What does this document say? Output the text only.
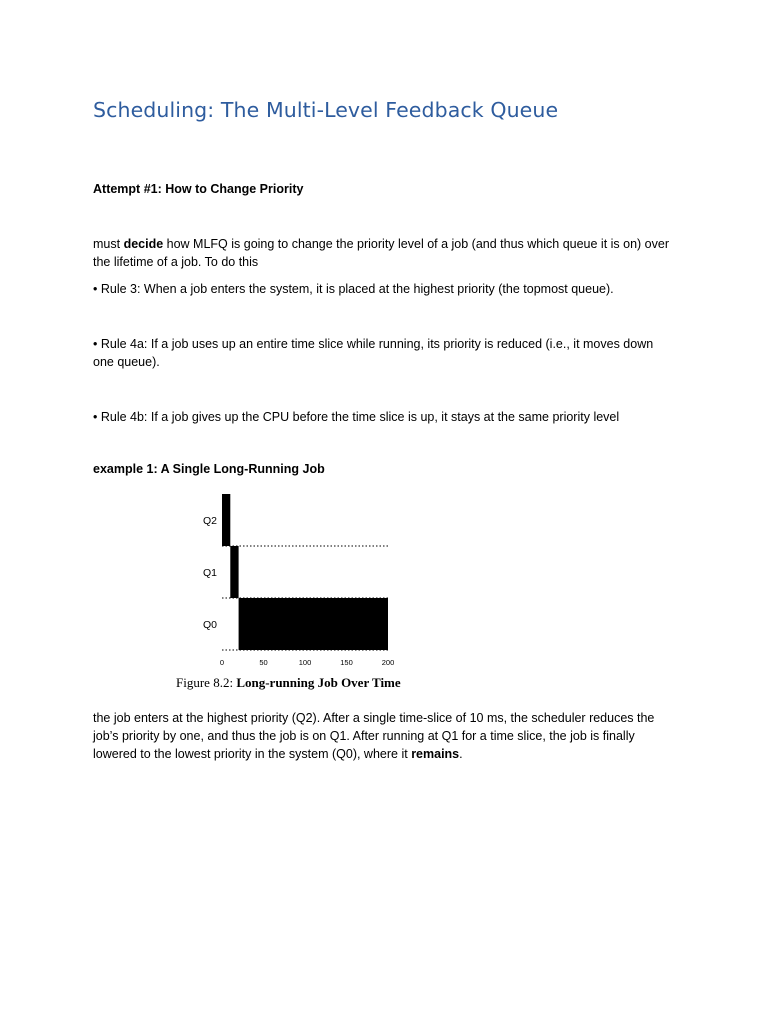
Scheduling: The Multi-Level Feedback Queue
Attempt #1: How to Change Priority
must decide how MLFQ is going to change the priority level of a job (and thus which queue it is on) over the lifetime of a job. To do this
• Rule 3: When a job enters the system, it is placed at the highest priority (the topmost queue).
• Rule 4a: If a job uses up an entire time slice while running, its priority is reduced (i.e., it moves down one queue).
• Rule 4b: If a job gives up the CPU before the time slice is up, it stays at the same priority level
example 1: A Single Long-Running Job
Q2
Q1
Q0
0	50	100	150	200
Figure 8.2: Long-running Job Over Time
the job enters at the highest priority (Q2). After a single time-slice of 10 ms, the scheduler reduces the job’s priority by one, and thus the job is on Q1. After running at Q1 for a time slice, the job is finally lowered to the lowest priority in the system (Q0), where it remains.
